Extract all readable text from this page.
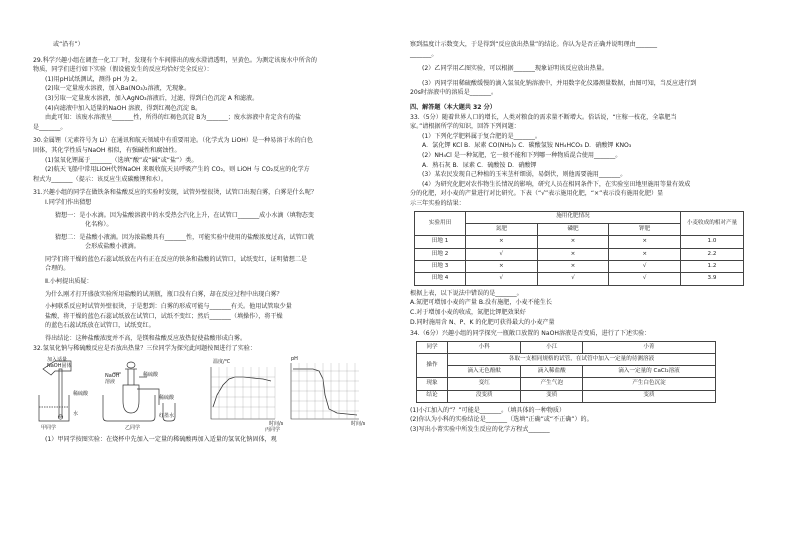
或“沿有”）
29.科学兴趣小组在调查一化工厂时，发现有个车间排出的废水澄清透明，呈黄色。为测定该废水中所含的
物质，同学们进行如下实验（假设能发生的反应均恰好完全反应）：
(1)用pH试纸测试，测得 pH 为 2。
(2)取一定量废水溶液，加入Ba(NO₃)₂溶液，无现象。
(3)另取一定量废水溶液，加入AgNO₃溶液后，过滤，得到白色沉淀 A 和滤液。
(4)向滤液中加入适量的NaOH 溶液，得到红褐色沉淀 B。
由此可知：该废水溶液呈_______性，所得的红褐色沉淀 B为_______；废水溶液中肯定含有的盐
是_______。
30.金属锂（元素符号为 Li）在通讯和航天领域中有重要用途。（化学式为 LiOH）是一种易溶于水的白色
固体，其化学性质与NaOH 相似，有强碱性和腐蚀性。
(1)氢氧化锂属于_______（选填“酸”或“碱”或“盐”）类。
(2)航天飞船中常用LiOH代替NaOH 来吸收航天员呼吸产生的 CO₂，则 LiOH 与 CO₂反应的化学方
程式为_______（提示：该反应生成碳酸锂和水）。
31.兴趣小组的同学在做铁条和盐酸反应的实验时发现，试管外壁很烫，试管口出现白雾，白雾是什么呢？
Ⅰ.同学们作出猜想
猜想一：是小水滴。因为盐酸溶液中的水受热会汽化上升，在试管口_______成小水滴（填物态变
化名称）。
猜想二：是盐酸小液滴。因为浓盐酸具有_______性，可能实验中使用的盐酸浓度过高，试管口就
会形成盐酸小液滴。
同学们将干燥的蓝色石蕊试纸放在内有正在反应的铁条和盐酸的试管口，试纸变红，证明猜想二是
合理的。
Ⅱ.小柯提出质疑：
为什么刚才打开盛放实验所用盐酸的试剂瓶，瓶口没有白雾，却在反应过程中出现白雾？
小柯联系反应时试管外壁很烫，于是想到：白雾的形成可能与_______有关。他用试管取少量
盐酸，将干燥的蓝色石蕊试纸放在试管口，试纸不变红；然后_______（填操作），将干燥
的蓝色石蕊试纸放在试管口，试纸变红。
得出结论：这种盐酸浓度并不高，是镁和盐酸反应放热促使盐酸形成白雾。
32.氢氧化钠与稀硫酸反应是否放出热量？三位同学为探究此问题按图进行了实验：
加入适量
NaOH固体
稀硫酸
水
甲同学
NaOH
溶液
稀硫酸
乙同学
温度/℃
时间/s
丙同学
pH
时间/s
稀硫酸
红墨水
(1）甲同学按图实验：在烧杯中先加入一定量的稀硫酸再加入适量的氢氧化钠固体，观
察到温度计示数变大，于是得到“反应放出热量”的结论。你认为是否正确并说明理由_______
_______。
(2）乙同学用乙图实验，可以根据_______现象证明该反应放出热量。
(3）丙同学用稀硫酸缓慢的滴入氢氧化钠溶液中，并用数字化仪器测量数据，由图可知，当反应进行到
20s时溶液中的溶质是_______。
四、解答题（本大题共 32 分）
33.（5分）随着世界人口的增长，人类对粮食的需求量不断增大。俗话说，“庄稼一枝花，全靠肥当
家。”请根据所学的知识，回答下列问题：
(1）下列化学肥料属于复合肥的是_______。
A．氯化钾 KCl B．尿素 CO(NH₂)₂ C．碳酸氢铵 NH₄HCO₃ D．硝酸钾 KNO₃
(2）NH₄Cl 是一种氮肥，它一般不能和下列哪一种物质混合使用_______。
A．熟石灰 B．尿素 C．硫酸铵 D．硝酸钾
(3）某农民发现自己种植的玉米茎杆细弱，易倒伏，则他需要施用_______。
(4）为研究化肥对农作物生长情况的影响，研究人员在相同条件下，在实验室田地里施用等量有效成
分的化肥，对小麦的产量进行对比研究。下表（“√”表示施用化肥，“×”表示没有施用化肥）显
示三年实验的结果：
实验用田	施用化肥情况			小麦收成的相对产量
	氮肥	磷肥	钾肥	
田地 1	×	×	×	1.0
田地 2	√	×	×	2.2
田地 3	×	×	√	1.2
田地 4	√	√	√	3.9
根据上表，以下说法中错误的是_______。
A.氮肥可增加小麦的产量 B.没有施肥，小麦不能生长
C.对于增加小麦的收成，氮肥比钾肥效果好
D.同时施用含 N、P、K 的化肥可获得最大的小麦产量
34.（6分）兴趣小组的同学探究一瓶敞口放置的 NaOH溶液是否变质，进行了下述实验：
同学	小科	小江	小菁
操作	各取一支相同规格的试管，在试管中加入一定量的待测溶液		
	滴入无色酚酞	滴入稀盐酸	滴入一定量的 CaCl₂溶液
现象	变红	产生气泡	产生白色沉淀
结论	没变质	变质	变质
(1)小江加入的“？”可能是_______。（填具体的一种物质）
(2)你认为小科的实验结论是_______（选填“正确”或“不正确”）的。
(3)写出小菁实验中所发生反应的化学方程式_______
